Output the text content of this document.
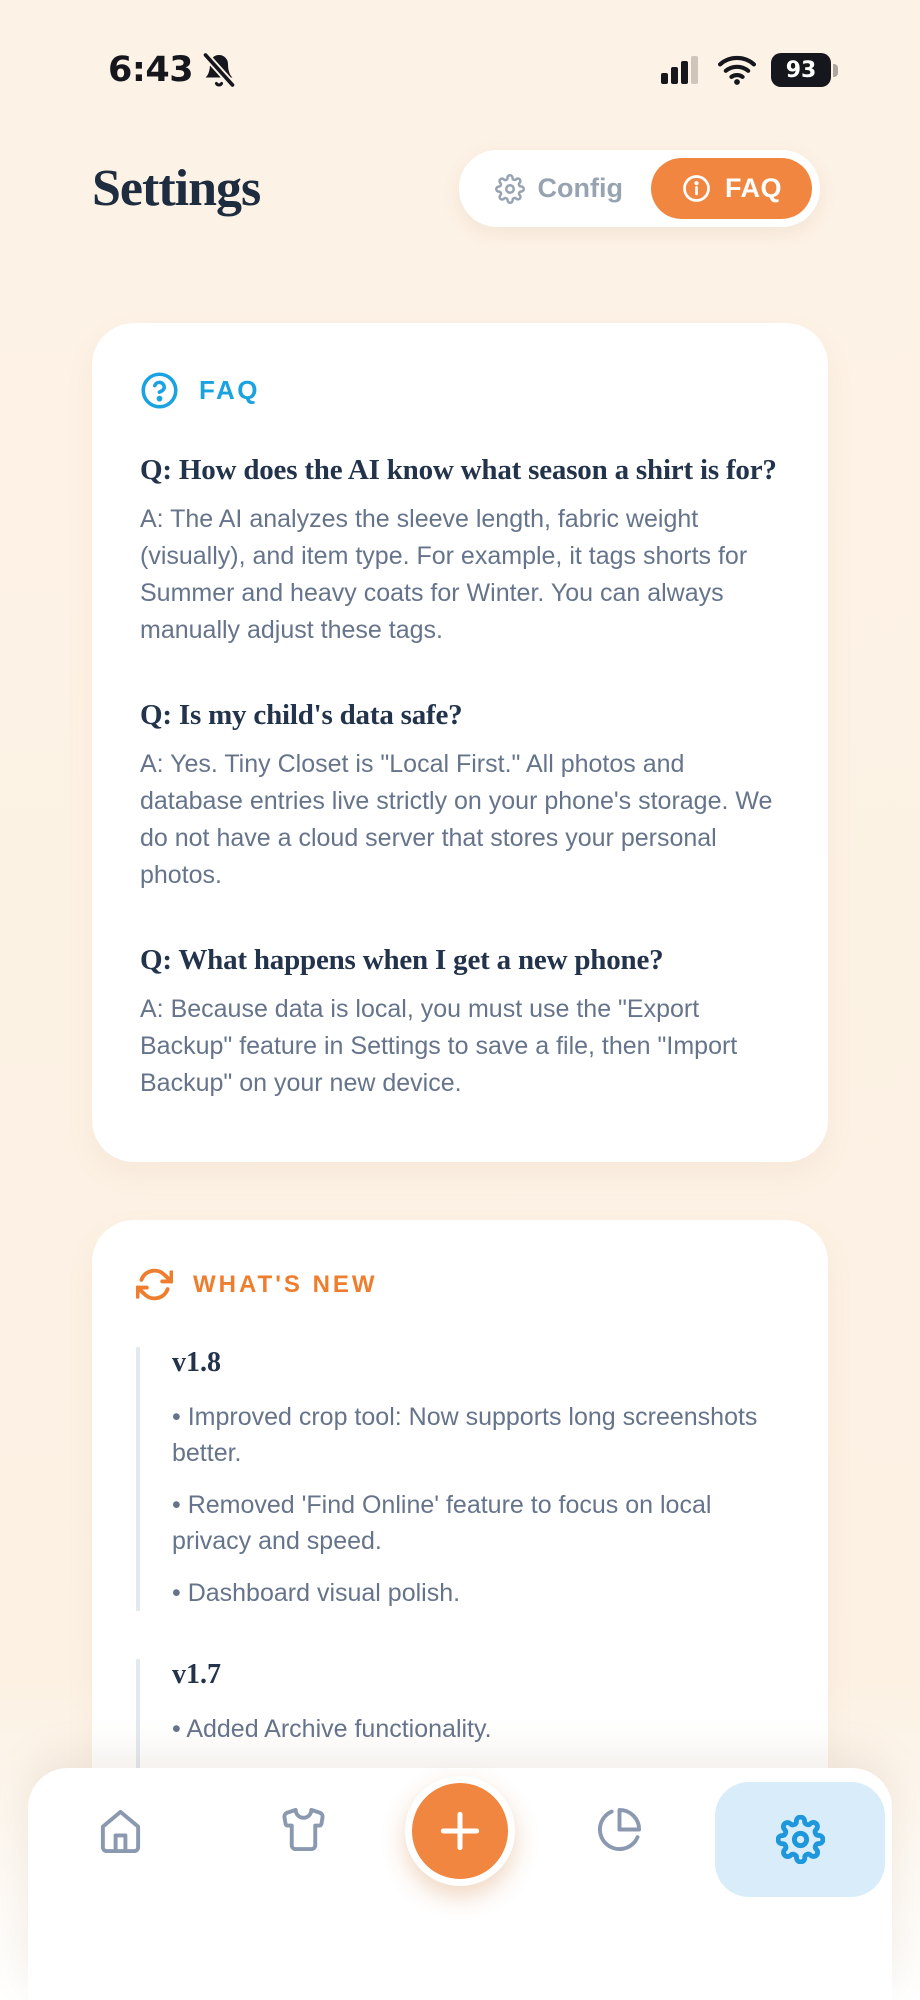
6:43	93
Settings	Config	FAQ
FAQ
Q: How does the AI know what season a shirt is for?

A: The AI analyzes the sleeve length, fabric weight (visually), and item type. For example, it tags shorts for Summer and heavy coats for Winter. You can always manually adjust these tags.

Q: Is my child's data safe?

A: Yes. Tiny Closet is "Local First." All photos and database entries live strictly on your phone's storage. We do not have a cloud server that stores your personal photos.

Q: What happens when I get a new phone?

A: Because data is local, you must use the "Export Backup" feature in Settings to save a file, then "Import Backup" on your new device.

WHAT'S NEW
v1.8

• Improved crop tool: Now supports long screenshots better.

• Removed 'Find Online' feature to focus on local privacy and speed.

• Dashboard visual polish.

v1.7

• Added Archive functionality.
